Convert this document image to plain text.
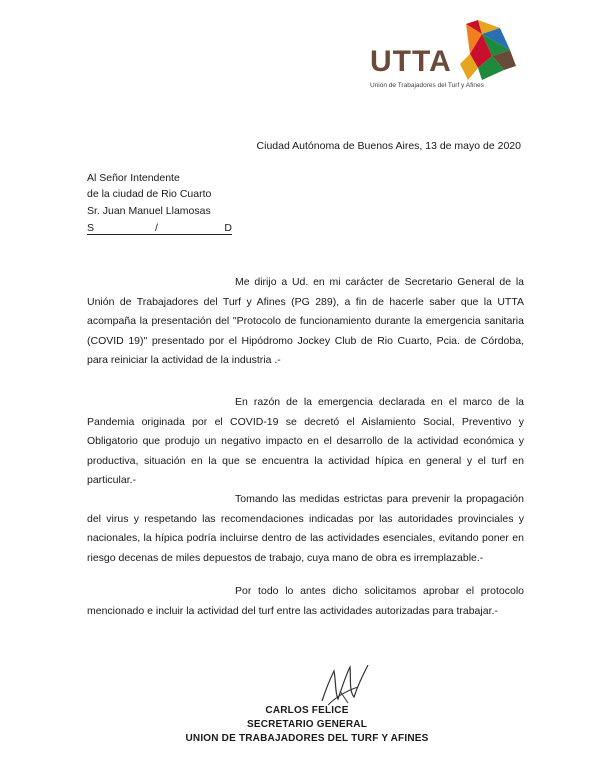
UTTA
Unión de Trabajadores del Turf y Afines
Ciudad Autónoma de Buenos Aires, 13 de mayo de 2020
Al Señor Intendente
de la ciudad de Rio Cuarto
Sr. Juan Manuel Llamosas
S	/	D

Me dirijo a Ud. en mi carácter de Secretario General de la Unión de Trabajadores del Turf y Afines (PG 289), a fin de hacerle saber que la UTTA acompaña la presentación del "Protocolo de funcionamiento durante la emergencia sanitaria (COVID 19)" presentado por el Hipódromo Jockey Club de Rio Cuarto, Pcia. de Córdoba, para reiniciar la actividad de la industria .-

En razón de la emergencia declarada en el marco de la Pandemia originada por el COVID-19 se decretó el Aislamiento Social, Preventivo y Obligatorio que produjo un negativo impacto en el desarrollo de la actividad económica y productiva, situación en la que se encuentra la actividad hípica en general y el turf en particular.-

Tomando las medidas estrictas para prevenir la propagación del virus y respetando las recomendaciones indicadas por las autoridades provinciales y nacionales, la hípica podría incluirse dentro de las actividades esenciales, evitando poner en riesgo decenas de miles depuestos de trabajo, cuya mano de obra es irremplazable.-

Por todo lo antes dicho solicitamos aprobar el protocolo mencionado e incluir la actividad del turf entre las actividades autorizadas para trabajar.-

CARLOS FELICE
SECRETARIO GENERAL
UNION DE TRABAJADORES DEL TURF Y AFINES
